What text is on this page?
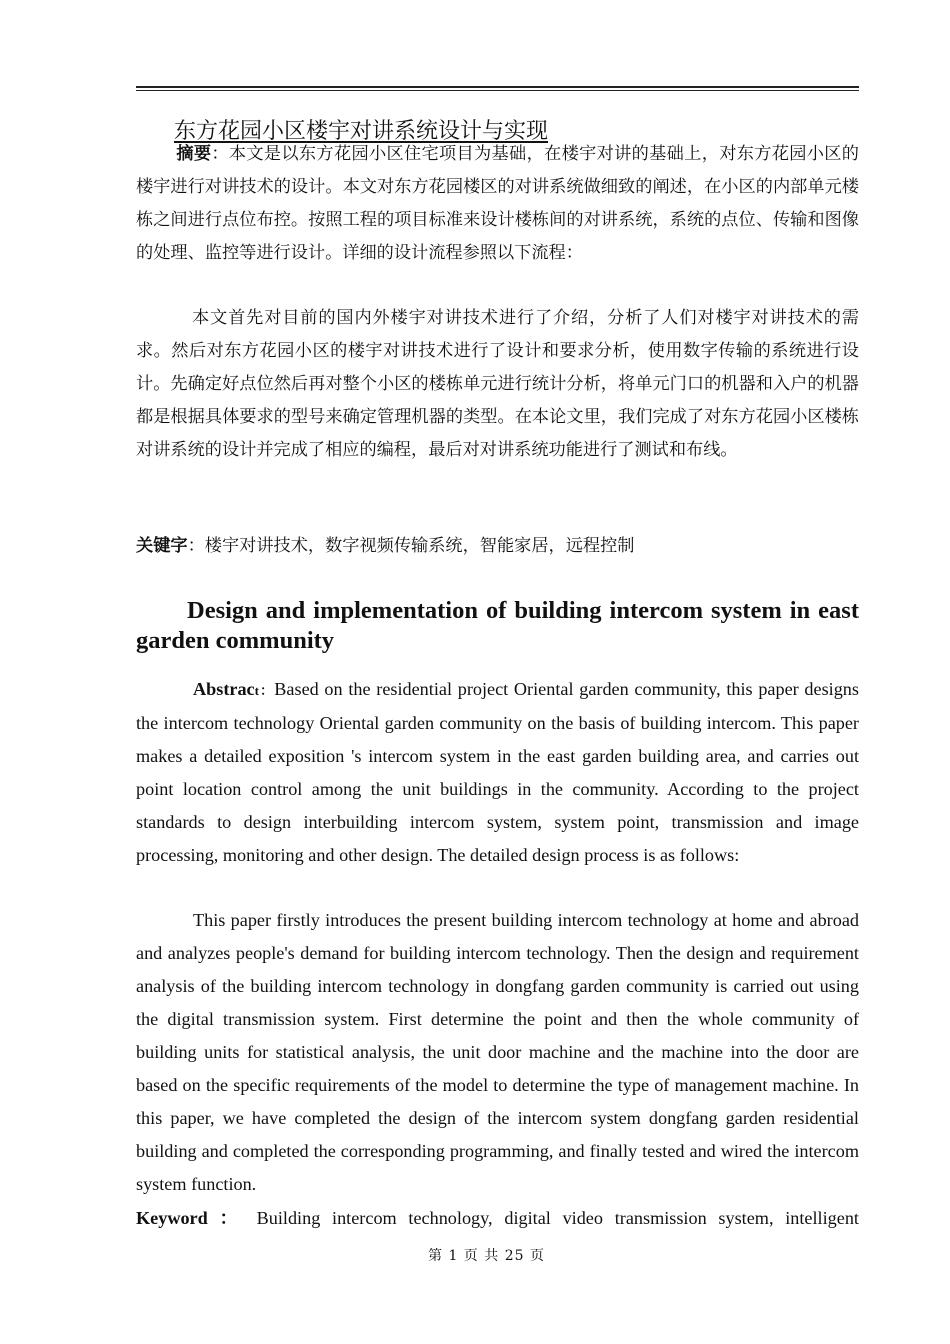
东方花园小区楼宇对讲系统设计与实现
摘要：本文是以东方花园小区住宅项目为基础，在楼宇对讲的基础上，对东方花园小区的楼宇进行对讲技术的设计。本文对东方花园楼区的对讲系统做细致的阐述，在小区的内部单元楼栋之间进行点位布控。按照工程的项目标准来设计楼栋间的对讲系统，系统的点位、传输和图像的处理、监控等进行设计。详细的设计流程参照以下流程：
本文首先对目前的国内外楼宇对讲技术进行了介绍，分析了人们对楼宇对讲技术的需求。然后对东方花园小区的楼宇对讲技术进行了设计和要求分析，使用数字传输的系统进行设计。先确定好点位然后再对整个小区的楼栋单元进行统计分析，将单元门口的机器和入户的机器都是根据具体要求的型号来确定管理机器的类型。在本论文里，我们完成了对东方花园小区楼栋对讲系统的设计并完成了相应的编程，最后对对讲系统功能进行了测试和布线。
关键字：楼宇对讲技术，数字视频传输系统，智能家居，远程控制
Design and implementation of building intercom system in east garden community
Abstract：Based on the residential project Oriental garden community, this paper designs the intercom technology Oriental garden community on the basis of building intercom. This paper makes a detailed exposition 's intercom system in the east garden building area, and carries out point location control among the unit buildings in the community. According to the project standards to design interbuilding intercom system, system point, transmission and image processing, monitoring and other design. The detailed design process is as follows:
This paper firstly introduces the present building intercom technology at home and abroad and analyzes people's demand for building intercom technology. Then the design and requirement analysis of the building intercom technology in dongfang garden community is carried out using the digital transmission system. First determine the point and then the whole community of building units for statistical analysis, the unit door machine and the machine into the door are based on the specific requirements of the model to determine the type of management machine. In this paper, we have completed the design of the intercom system dongfang garden residential building and completed the corresponding programming, and finally tested and wired the intercom system function.
Keyword ： Building intercom technology, digital video transmission system, intelligent
第 1 页 共 25 页
